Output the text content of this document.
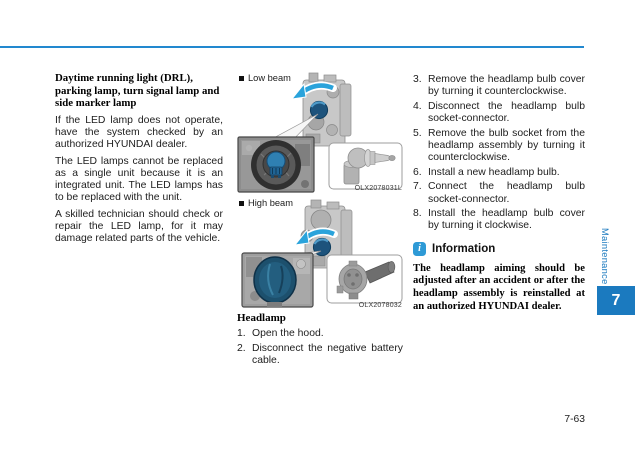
Daytime running light (DRL), parking lamp, turn signal lamp and side marker lamp

If the LED lamp does not operate, have the system checked by an authorized HYUNDAI dealer.

The LED lamps cannot be replaced as a single unit because it is an integrated unit. The LED lamps has to be replaced with the unit.

A skilled technician should check or repair the LED lamp, for it may damage related parts of the vehicle.

Low beam
OLX2078031L
High beam
OLX2078032
Headlamp
1. Open the hood.
2. Disconnect the negative battery cable.
3. Remove the headlamp bulb cover by turning it counterclockwise.
4. Disconnect the headlamp bulb socket-connector.
5. Remove the bulb socket from the headlamp assembly by turning it counterclockwise.
6. Install a new headlamp bulb.
7. Connect the headlamp bulb socket-connector.
8. Install the headlamp bulb cover by turning it clockwise.
i Information

The headlamp aiming should be adjusted after an accident or after the headlamp assembly is reinstalled at an authorized HYUNDAI dealer.

Maintenance
7
7-63
